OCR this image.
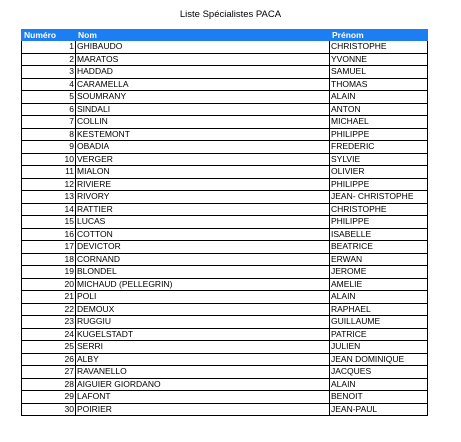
Liste Spécialistes PACA
Numéro	Nom	Prénom
1	GHIBAUDO	CHRISTOPHE
2	MARATOS	YVONNE
3	HADDAD	SAMUEL
4	CARAMELLA	THOMAS
5	SOUMRANY	ALAIN
6	SINDALI	ANTON
7	COLLIN	MICHAEL
8	KESTEMONT	PHILIPPE
9	OBADIA	FREDERIC
10	VERGER	SYLVIE
11	MIALON	OLIVIER
12	RIVIERE	PHILIPPE
13	RIVORY	JEAN- CHRISTOPHE
14	RATTIER	CHRISTOPHE
15	LUCAS	PHILIPPE
16	COTTON	ISABELLE
17	DEVICTOR	BEATRICE
18	CORNAND	ERWAN
19	BLONDEL	JEROME
20	MICHAUD (PELLEGRIN)	AMELIE
21	POLI	ALAIN
22	DEMOUX	RAPHAEL
23	RUGGIU	GUILLAUME
24	KUGELSTADT	PATRICE
25	SERRI	JULIEN
26	ALBY	JEAN DOMINIQUE
27	RAVANELLO	JACQUES
28	AIGUIER GIORDANO	ALAIN
29	LAFONT	BENOIT
30	POIRIER	JEAN-PAUL
